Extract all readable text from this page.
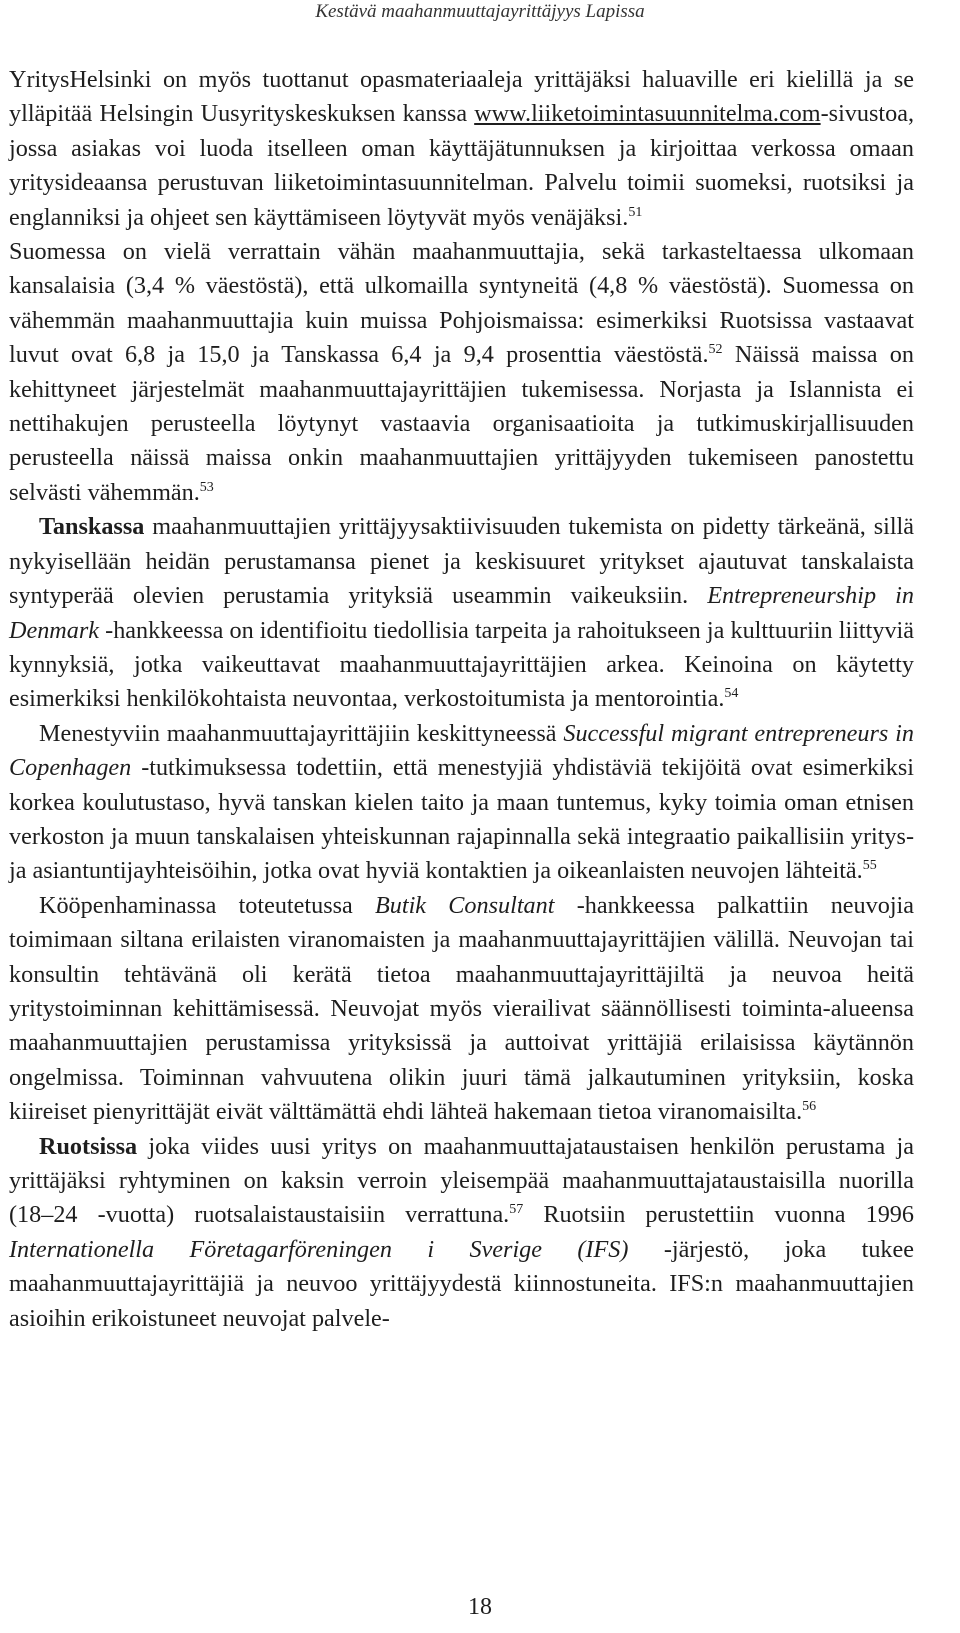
Kestävä maahanmuuttajayrittäjyys Lapissa

YritysHelsinki on myös tuottanut opasmateriaaleja yrittäjäksi haluaville eri kielillä ja se ylläpitää Helsingin Uusyrityskeskuksen kanssa www.liiketoimintasuunnitelma.com-sivustoa, jossa asiakas voi luoda itselleen oman käyttäjätunnuksen ja kirjoittaa verkossa omaan yritysideaansa perustuvan liiketoimintasuunnitelman. Palvelu toimii suomeksi, ruotsiksi ja englanniksi ja ohjeet sen käyttämiseen löytyvät myös venäjäksi.$^{51}$

Suomessa on vielä verrattain vähän maahanmuuttajia, sekä tarkasteltaessa ulkomaan kansalaisia (3,4 % väestöstä), että ulkomailla syntyneitä (4,8 % väestöstä). Suomessa on vähemmän maahanmuuttajia kuin muissa Pohjoismaissa: esimerkiksi Ruotsissa vastaavat luvut ovat 6,8 ja 15,0 ja Tanskassa 6,4 ja 9,4 prosenttia väestöstä.$^{52}$ Näissä maissa on kehittyneet järjestelmät maahanmuuttajayrittäjien tukemisessa. Norjasta ja Islannista ei nettihakujen perusteella löytynyt vastaavia organisaatioita ja tutkimuskirjallisuuden perusteella näissä maissa onkin maahanmuuttajien yrittäjyyden tukemiseen panostettu selvästi vähemmän.$^{53}$

Tanskassa maahanmuuttajien yrittäjyysaktiivisuuden tukemista on pidetty tärkeänä, sillä nykyisellään heidän perustamansa pienet ja keskisuuret yritykset ajautuvat tanskalaista syntyperää olevien perustamia yrityksiä useammin vaikeuksiin. Entrepreneurship in Denmark -hankkeessa on identifioitu tiedollisia tarpeita ja rahoitukseen ja kulttuuriin liittyviä kynnyksiä, jotka vaikeuttavat maahanmuuttajayrittäjien arkea. Keinoina on käytetty esimerkiksi henkilökohtaista neuvontaa, verkostoitumista ja mentorointia.$^{54}$

Menestyviin maahanmuuttajayrittäjiin keskittyneessä Successful migrant entrepreneurs in Copenhagen -tutkimuksessa todettiin, että menestyjiä yhdistäviä tekijöitä ovat esimerkiksi korkea koulutustaso, hyvä tanskan kielen taito ja maan tuntemus, kyky toimia oman etnisen verkoston ja muun tanskalaisen yhteiskunnan rajapinnalla sekä integraatio paikallisiin yritys- ja asiantuntijayhteisöihin, jotka ovat hyviä kontaktien ja oikeanlaisten neuvojen lähteitä.$^{55}$

Kööpenhaminassa toteutetussa Butik Consultant -hankkeessa palkattiin neuvojia toimimaan siltana erilaisten viranomaisten ja maahanmuuttajayrittäjien välillä. Neuvojan tai konsultin tehtävänä oli kerätä tietoa maahanmuuttajayrittäjiltä ja neuvoa heitä yritystoiminnan kehittämisessä. Neuvojat myös vierailivat säännöllisesti toiminta-alueensa maahanmuuttajien perustamissa yrityksissä ja auttoivat yrittäjiä erilaisissa käytännön ongelmissa. Toiminnan vahvuutena olikin juuri tämä jalkautuminen yrityksiin, koska kiireiset pienyrittäjät eivät välttämättä ehdi lähteä hakemaan tietoa viranomaisilta.$^{56}$

Ruotsissa joka viides uusi yritys on maahanmuuttajataustaisen henkilön perustama ja yrittäjäksi ryhtyminen on kaksin verroin yleisempää maahanmuuttajataustaisilla nuorilla (18–24 -vuotta) ruotsalaistaustaisiin verrattuna.$^{57}$ Ruotsiin perustettiin vuonna 1996 Internationella Företagarföreningen i Sverige (IFS) -järjestö, joka tukee maahanmuuttajayrittäjiä ja neuvoo yrittäjyydestä kiinnostuneita. IFS:n maahanmuuttajien asioihin erikoistuneet neuvojat palvele-

18
